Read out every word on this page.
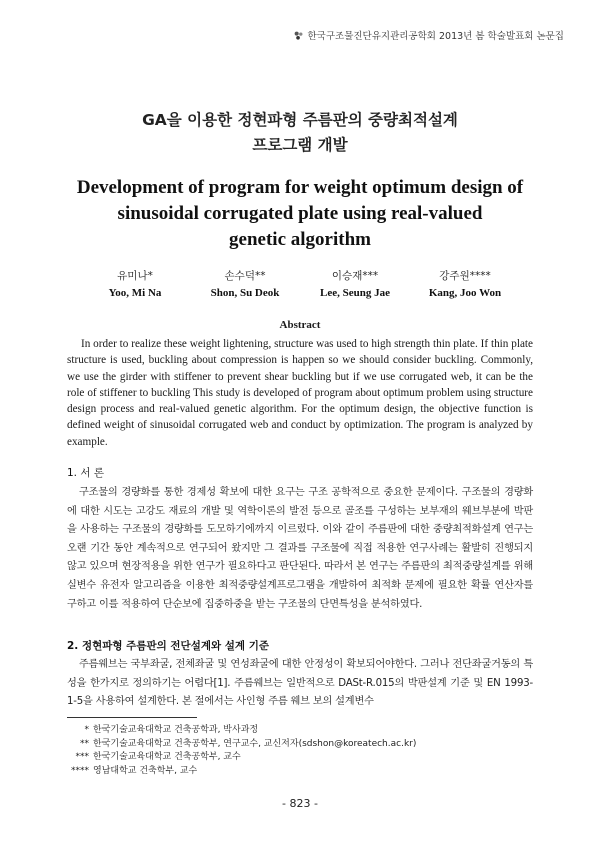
한국구조물진단유지관리공학회 2013년 봄 학술발표회 논문집
GA을 이용한 정현파형 주름판의 중량최적설계
프로그램 개발
Development of program for weight optimum design of
sinusoidal corrugated plate using real-valued
genetic algorithm
유미나*
Yoo, Mi Na
손수덕**
Shon, Su Deok
이승재***
Lee, Seung Jae
강주원****
Kang, Joo Won
Abstract
In order to realize these weight lightening, structure was used to high strength thin plate. If thin plate structure is used, buckling about compression is happen so we should consider buckling. Commonly, we use the girder with stiffener to prevent shear buckling but if we use corrugated web, it can be the role of stiffener to buckling This study is developed of program about optimum problem using structure design process and real-valued genetic algorithm. For the optimum design, the objective function is defined weight of sinusoidal corrugated web and conduct by optimization. The program is analyzed by example.
1. 서 론
구조물의 경량화를 통한 경제성 확보에 대한 요구는 구조 공학적으로 중요한 문제이다. 구조물의 경량화에 대한 시도는 고강도 재료의 개발 및 역학이론의 발전 등으로 골조를 구성하는 보부재의 웨브부분에 박판을 사용하는 구조물의 경량화를 도모하기에까지 이르렀다. 이와 같이 주름판에 대한 중량최적화설계 연구는 오랜 기간 동안 계속적으로 연구되어 왔지만 그 결과를 구조물에 직접 적용한 연구사례는 활발히 진행되지 않고 있으며 현장적용을 위한 연구가 필요하다고 판단된다. 따라서 본 연구는 주름판의 최적중량설계를 위해 실변수 유전자 알고리즘을 이용한 최적중량설계프로그램을 개발하여 최적화 문제에 필요한 확률 연산자를 구하고 이를 적용하여 단순보에 집중하중을 받는 구조물의 단면특성을 분석하였다.
2. 정현파형 주름판의 전단설계와 설계 기준
주름웨브는 국부좌굴, 전체좌굴 및 연성좌굴에 대한 안정성이 확보되어야한다. 그러나 전단좌굴거동의 특성을 한가지로 정의하기는 어렵다[1]. 주름웨브는 일반적으로 DASt-R.015의 박판설계 기준 및 EN 1993-1-5을 사용하여 설계한다. 본 절에서는 사인형 주름 웨브 보의 설계변수
* 한국기술교육대학교 건축공학과, 박사과정
** 한국기술교육대학교 건축공학부, 연구교수, 교신저자(sdshon@koreatech.ac.kr)
*** 한국기술교육대학교 건축공학부, 교수
**** 영남대학교 건축학부, 교수
- 823 -
